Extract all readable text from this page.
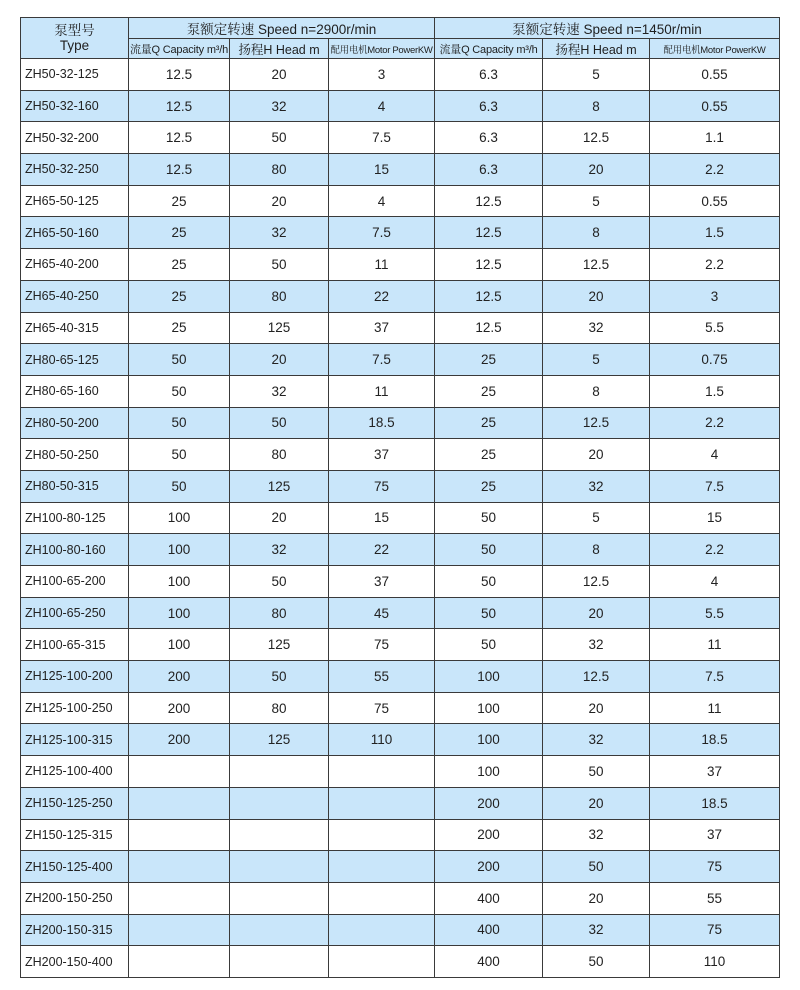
泵型号
Type	泵额定转速 Speed n=2900r/min			泵额定转速 Speed n=1450r/min		
	流量Q Capacity m³/h	扬程H Head m	配用电机Motor PowerKW	流量Q Capacity m³/h	扬程H Head m	配用电机Motor PowerKW
ZH50-32-125	12.5	20	3	6.3	5	0.55
ZH50-32-160	12.5	32	4	6.3	8	0.55
ZH50-32-200	12.5	50	7.5	6.3	12.5	1.1
ZH50-32-250	12.5	80	15	6.3	20	2.2
ZH65-50-125	25	20	4	12.5	5	0.55
ZH65-50-160	25	32	7.5	12.5	8	1.5
ZH65-40-200	25	50	11	12.5	12.5	2.2
ZH65-40-250	25	80	22	12.5	20	3
ZH65-40-315	25	125	37	12.5	32	5.5
ZH80-65-125	50	20	7.5	25	5	0.75
ZH80-65-160	50	32	11	25	8	1.5
ZH80-50-200	50	50	18.5	25	12.5	2.2
ZH80-50-250	50	80	37	25	20	4
ZH80-50-315	50	125	75	25	32	7.5
ZH100-80-125	100	20	15	50	5	15
ZH100-80-160	100	32	22	50	8	2.2
ZH100-65-200	100	50	37	50	12.5	4
ZH100-65-250	100	80	45	50	20	5.5
ZH100-65-315	100	125	75	50	32	11
ZH125-100-200	200	50	55	100	12.5	7.5
ZH125-100-250	200	80	75	100	20	11
ZH125-100-315	200	125	110	100	32	18.5
ZH125-100-400				100	50	37
ZH150-125-250				200	20	18.5
ZH150-125-315				200	32	37
ZH150-125-400				200	50	75
ZH200-150-250				400	20	55
ZH200-150-315				400	32	75
ZH200-150-400				400	50	110
